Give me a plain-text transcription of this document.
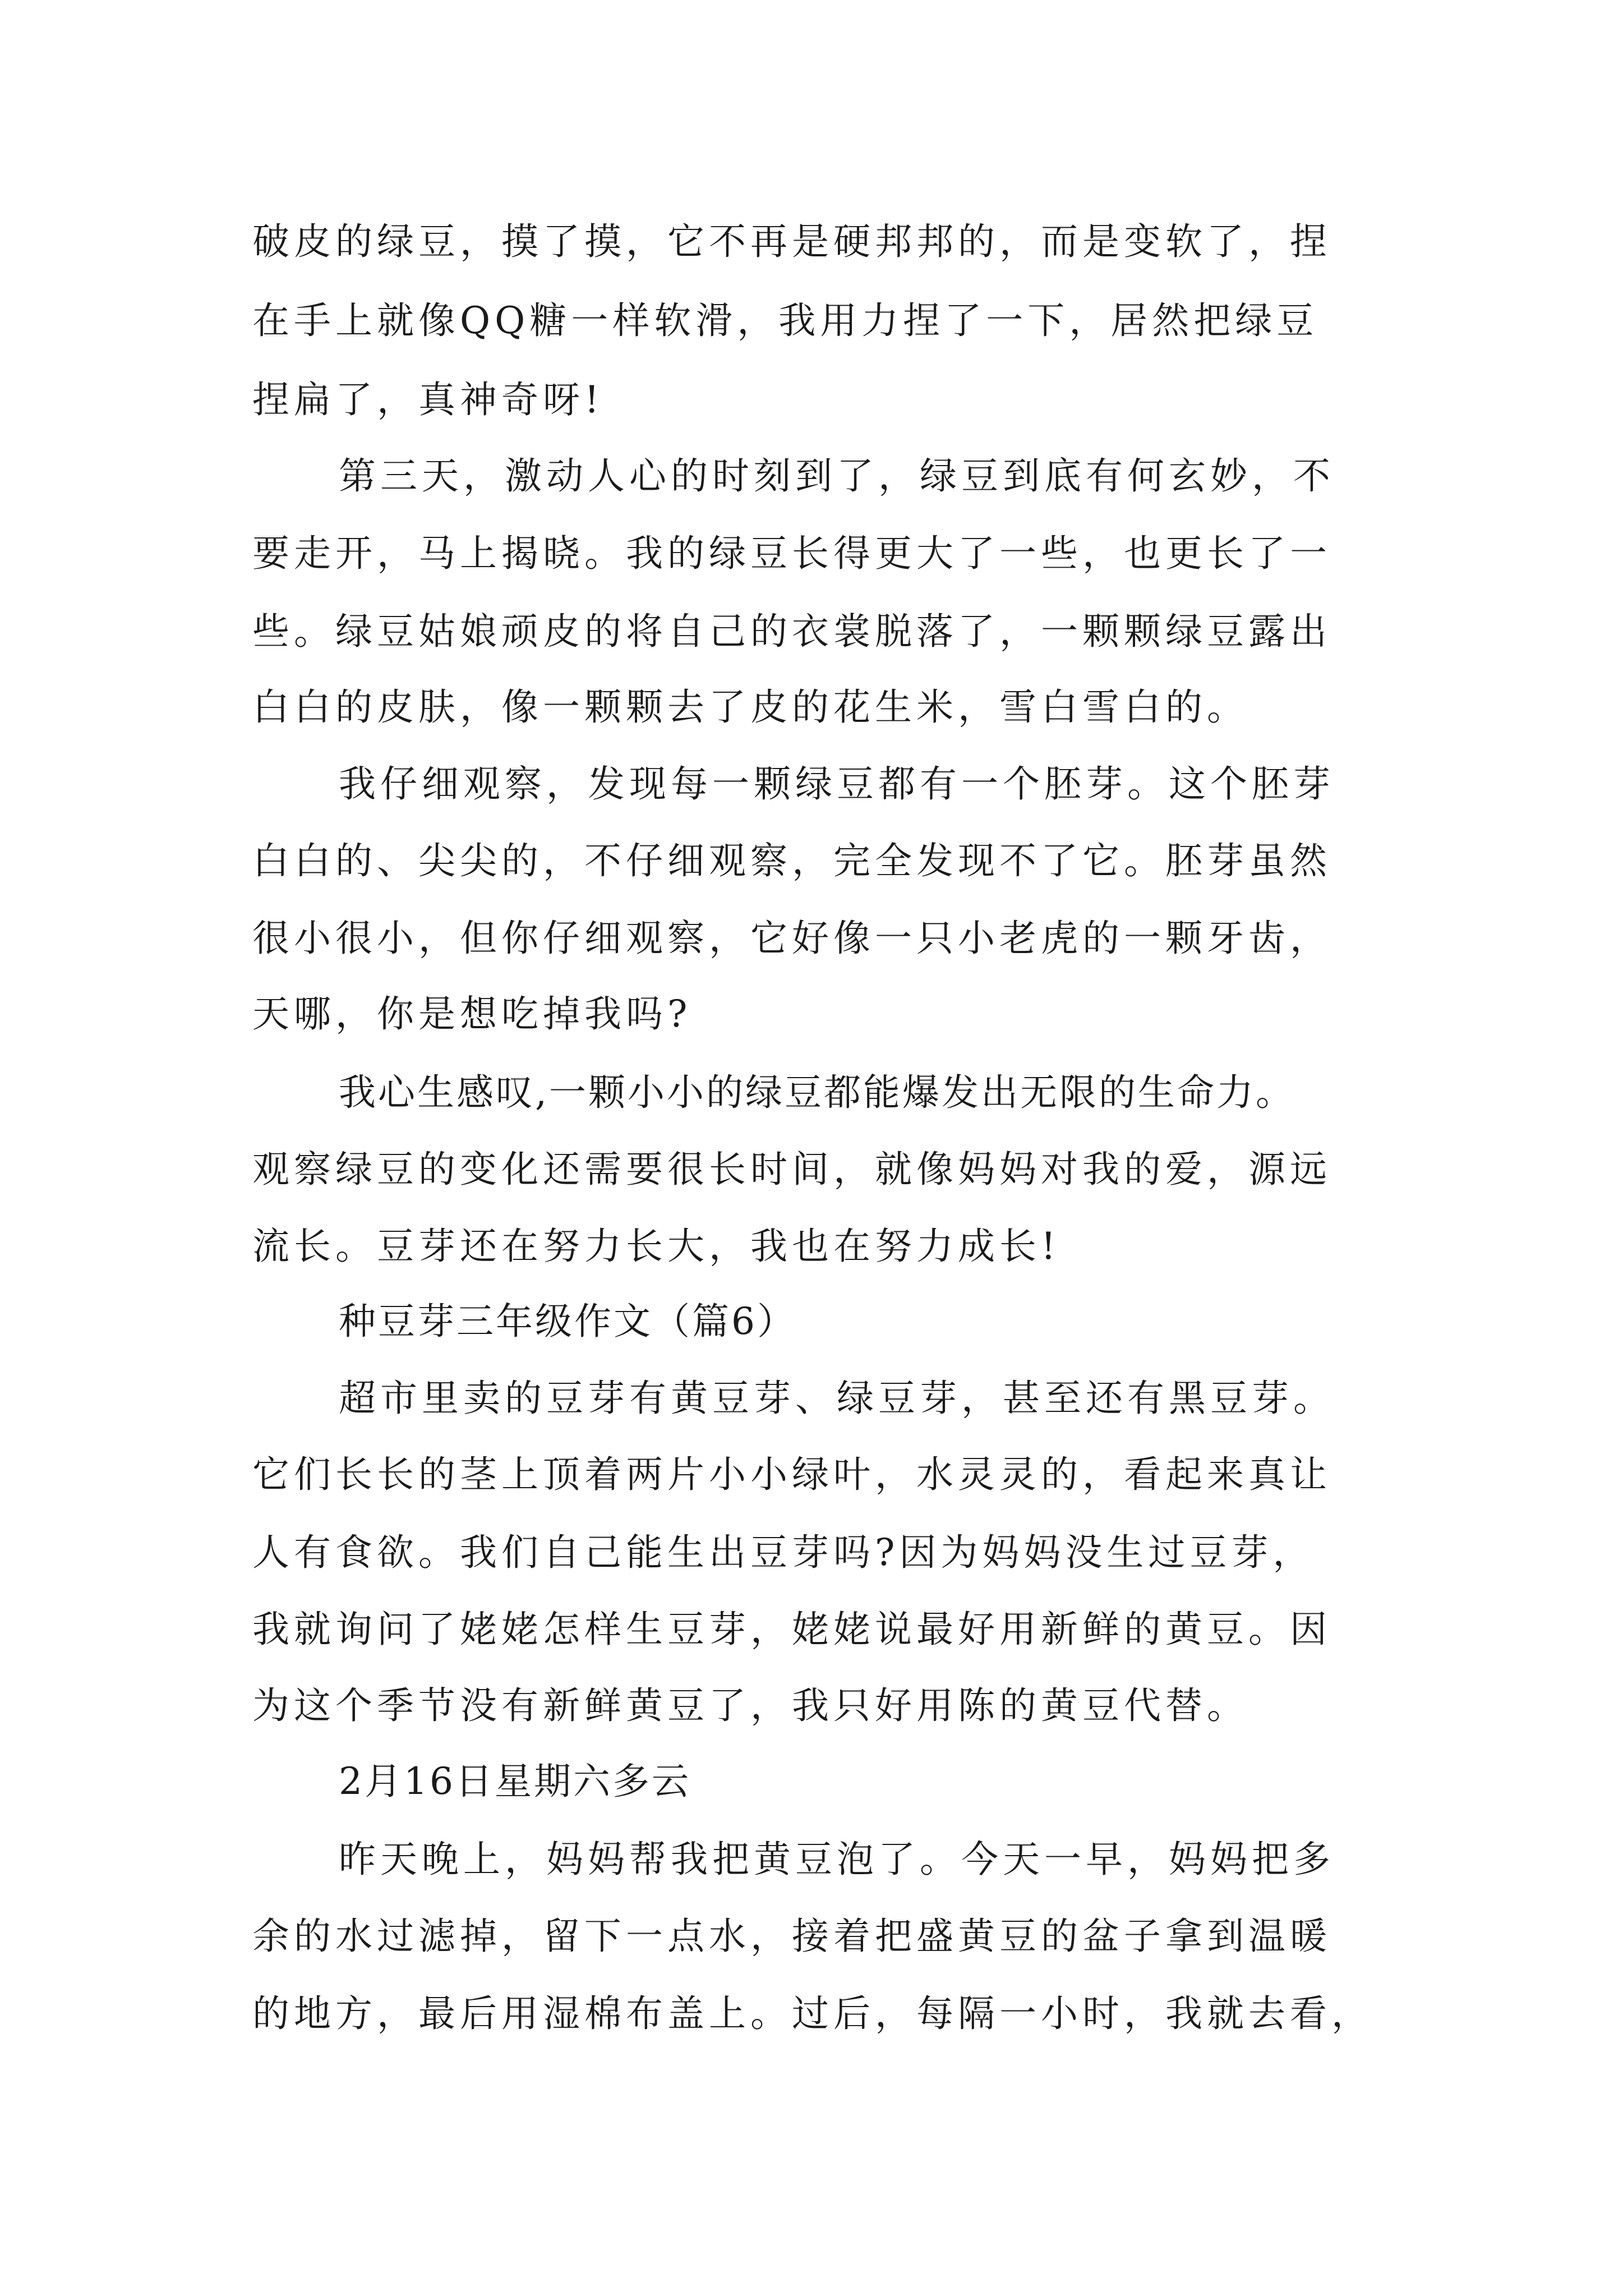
破皮的绿豆，摸了摸，它不再是硬邦邦的，而是变软了，捏
在手上就像QQ糖一样软滑，我用力捏了一下，居然把绿豆
捏扁了，真神奇呀!
第三天，激动人心的时刻到了，绿豆到底有何玄妙，不
要走开，马上揭晓。我的绿豆长得更大了一些，也更长了一
些。绿豆姑娘顽皮的将自己的衣裳脱落了，一颗颗绿豆露出
白白的皮肤，像一颗颗去了皮的花生米，雪白雪白的。
我仔细观察，发现每一颗绿豆都有一个胚芽。这个胚芽
白白的、尖尖的，不仔细观察，完全发现不了它。胚芽虽然
很小很小，但你仔细观察，它好像一只小老虎的一颗牙齿，
天哪，你是想吃掉我吗?
我心生感叹,一颗小小的绿豆都能爆发出无限的生命力。
观察绿豆的变化还需要很长时间，就像妈妈对我的爱，源远
流长。豆芽还在努力长大，我也在努力成长!
种豆芽三年级作文（篇6）
超市里卖的豆芽有黄豆芽、绿豆芽，甚至还有黑豆芽。
它们长长的茎上顶着两片小小绿叶，水灵灵的，看起来真让
人有食欲。我们自己能生出豆芽吗?因为妈妈没生过豆芽，
我就询问了姥姥怎样生豆芽，姥姥说最好用新鲜的黄豆。因
为这个季节没有新鲜黄豆了，我只好用陈的黄豆代替。
2月16日星期六多云
昨天晚上，妈妈帮我把黄豆泡了。今天一早，妈妈把多
余的水过滤掉，留下一点水，接着把盛黄豆的盆子拿到温暖
的地方，最后用湿棉布盖上。过后，每隔一小时，我就去看，
